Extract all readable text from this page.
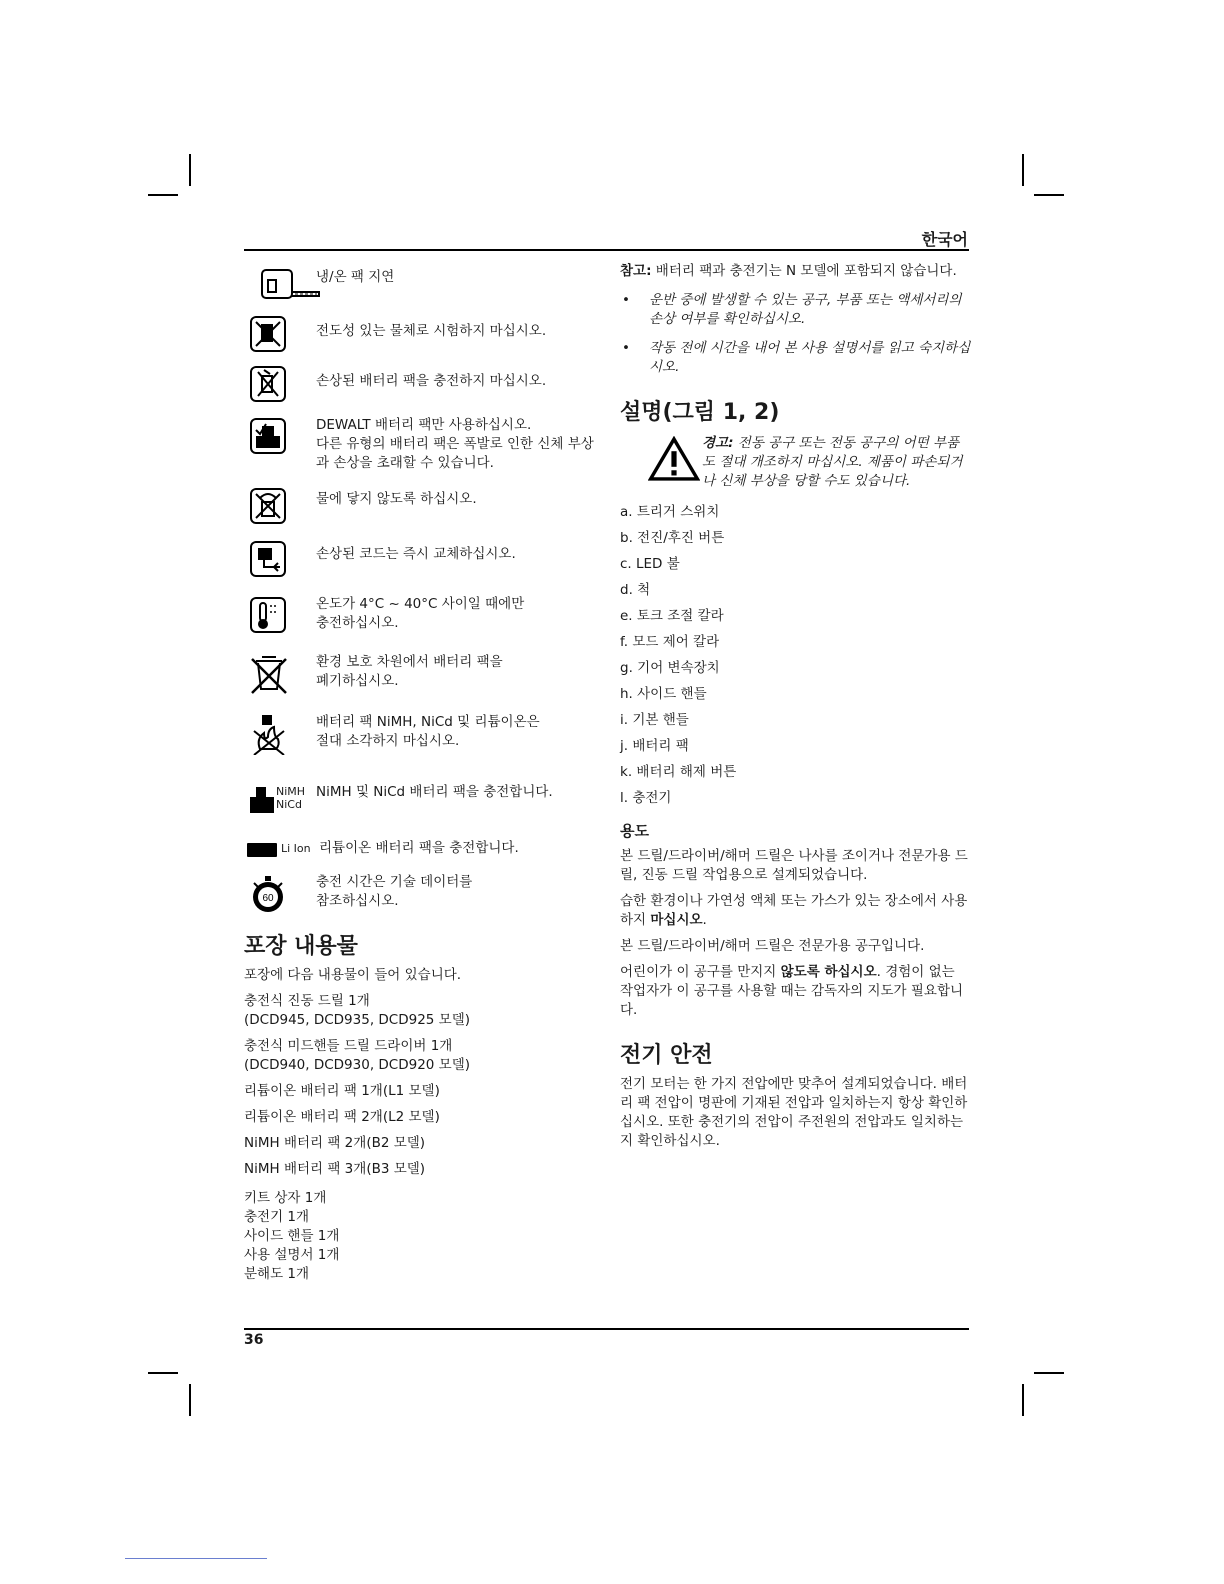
한국어
냉/온 팩 지연
전도성 있는 물체로 시험하지 마십시오.
손상된 배터리 팩을 충전하지 마십시오.
DEWALT 배터리 팩만 사용하십시오.
다른 유형의 배터리 팩은 폭발로 인한 신체 부상과 손상을 초래할 수 있습니다.
물에 닿지 않도록 하십시오.
손상된 코드는 즉시 교체하십시오.
온도가 4°C ~ 40°C 사이일 때에만
충전하십시오.
환경 보호 차원에서 배터리 팩을
폐기하십시오.
배터리 팩 NiMH, NiCd 및 리튬이온은
절대 소각하지 마십시오.
NiMH
NiCd
NiMH 및 NiCd 배터리 팩을 충전합니다.
Li Ion 리튬이온 배터리 팩을 충전합니다.
60
충전 시간은 기술 데이터를
참조하십시오.
포장 내용물

포장에 다음 내용물이 들어 있습니다.

충전식 진동 드릴 1개
(DCD945, DCD935, DCD925 모델)

충전식 미드핸들 드릴 드라이버 1개
(DCD940, DCD930, DCD920 모델)

리튬이온 배터리 팩 1개(L1 모델)

리튬이온 배터리 팩 2개(L2 모델)

NiMH 배터리 팩 2개(B2 모델)

NiMH 배터리 팩 3개(B3 모델)

키트 상자 1개
충전기 1개
사이드 핸들 1개
사용 설명서 1개
분해도 1개

참고: 배터리 팩과 충전기는 N 모델에 포함되지 않습니다.

•	운반 중에 발생할 수 있는 공구, 부품 또는 액세서리의 손상 여부를 확인하십시오.
•	작동 전에 시간을 내어 본 사용 설명서를 읽고 숙지하십시오.
설명(그림 1, 2)
경고: 전동 공구 또는 전동 공구의 어떤 부품도 절대 개조하지 마십시오. 제품이 파손되거나 신체 부상을 당할 수도 있습니다.

a. 트리거 스위치

b. 전진/후진 버튼

c. LED 불

d. 척

e. 토크 조절 칼라

f. 모드 제어 칼라

g. 기어 변속장치

h. 사이드 핸들

i. 기본 핸들

j. 배터리 팩

k. 배터리 해제 버튼

l. 충전기

용도

본 드릴/드라이버/해머 드릴은 나사를 조이거나 전문가용 드릴, 진동 드릴 작업용으로 설계되었습니다.

습한 환경이나 가연성 액체 또는 가스가 있는 장소에서 사용하지 마십시오.

본 드릴/드라이버/해머 드릴은 전문가용 공구입니다.

어린이가 이 공구를 만지지 않도록 하십시오. 경험이 없는 작업자가 이 공구를 사용할 때는 감독자의 지도가 필요합니다.

전기 안전

전기 모터는 한 가지 전압에만 맞추어 설계되었습니다. 배터리 팩 전압이 명판에 기재된 전압과 일치하는지 항상 확인하십시오. 또한 충전기의 전압이 주전원의 전압과도 일치하는지 확인하십시오.

36
